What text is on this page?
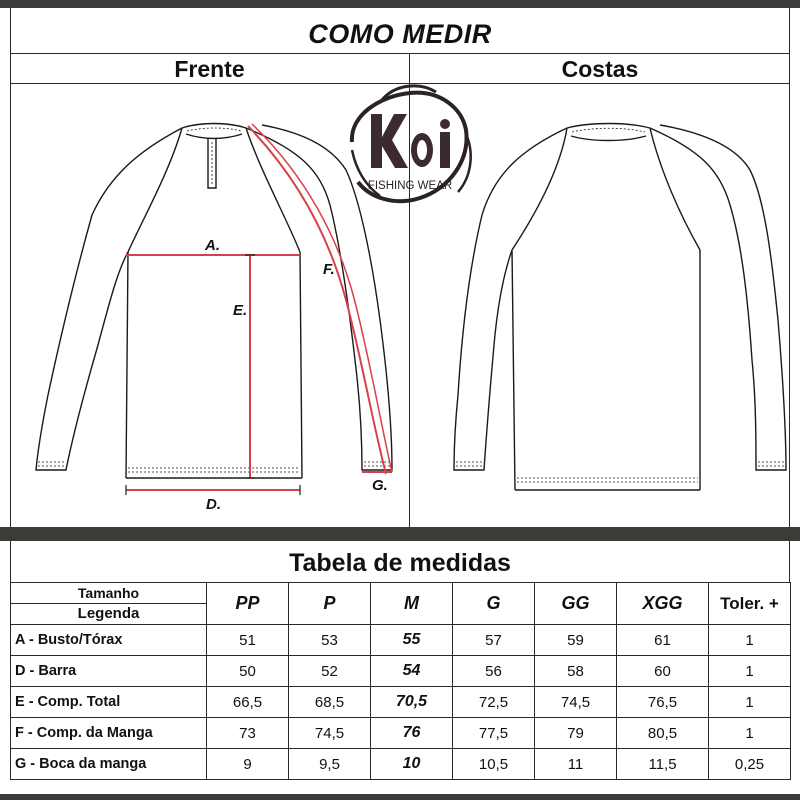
COMO MEDIR
Frente	Costas
A.
E.
F.
D.
G.
FISHING WEAR
Tabela de medidas
Tamanho
Legenda	PP	P	M	G	GG	XGG	Toler. +
A - Busto/Tórax	51	53	55	57	59	61	1
D - Barra	50	52	54	56	58	60	1
E - Comp. Total	66,5	68,5	70,5	72,5	74,5	76,5	1
F - Comp. da Manga	73	74,5	76	77,5	79	80,5	1
G - Boca da manga	9	9,5	10	10,5	11	11,5	0,25
